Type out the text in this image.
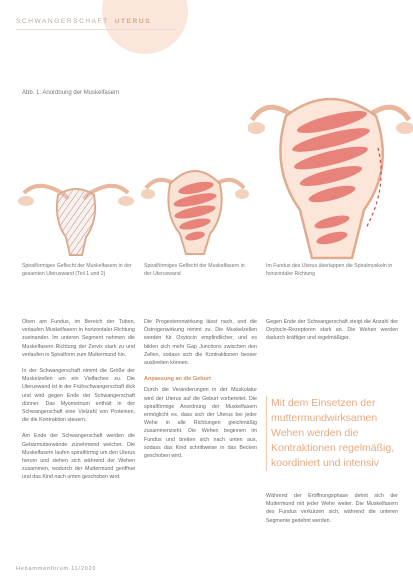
SCHWANGERSCHAFT UTERUS
Abb. 1: Anordnung der Muskelfasern
Spiralförmiges Geflecht der Muskelfasern in der gesamten Uteruswand (Teil 1 und 2)
Spiralförmiges Geflecht der Muskelfasern in der Uteruswand
Im Fundus des Uterus überlappen die Spiralmuskeln in horizontaler Richtung

Oben am Fundus, im Bereich der Tuben, verlaufen Muskelfasern in horizontaler Richtung zueinander. Im unteren Segment nehmen die Muskelfasern Richtung der Zervix stark zu und verlaufen in Spiralform zum Muttermund hin.

In der Schwangerschaft nimmt die Größe der Muskelzellen um ein Vielfaches zu. Die Uteruswand ist in der Frühschwangerschaft dick und wird gegen Ende der Schwangerschaft dünner. Das Myometrium enthält in der Schwangerschaft eine Vielzahl von Proteinen, die die Kontraktion steuern.

Am Ende der Schwangerschaft werden die Gebärmutterwände zunehmend weicher. Die Muskelfasern laufen spiralförmig um den Uterus herum und ziehen sich während der Wehen zusammen, wodurch der Muttermund geöffnet und das Kind nach unten geschoben wird.

Die Progesteronwirkung lässt nach, und die Östrogenwirkung nimmt zu. Die Muskelzellen werden für Oxytocin empfindlicher, und es bilden sich mehr Gap Junctions zwischen den Zellen, sodass sich die Kontraktionen besser ausbreiten können.

Anpassung an die Geburt

Durch die Veränderungen in der Muskulatur wird der Uterus auf die Geburt vorbereitet. Die spiralförmige Anordnung der Muskelfasern ermöglicht es, dass sich der Uterus bei jeder Wehe in alle Richtungen gleichmäßig zusammenzieht. Die Wehen beginnen im Fundus und breiten sich nach unten aus, sodass das Kind schrittweise in das Becken geschoben wird.

Gegen Ende der Schwangerschaft steigt die Anzahl der Oxytocin-Rezeptoren stark an. Die Wehen werden dadurch kräftiger und regelmäßiger.

Mit dem Einsetzen der muttermundwirksamen Wehen werden die Kontraktionen regelmäßig, koordiniert und intensiv

Während der Eröffnungsphase dehnt sich der Muttermund mit jeder Wehe weiter. Die Muskelfasern des Fundus verkürzen sich, während die unteren Segmente gedehnt werden.

Hebammenforum 11/2020
